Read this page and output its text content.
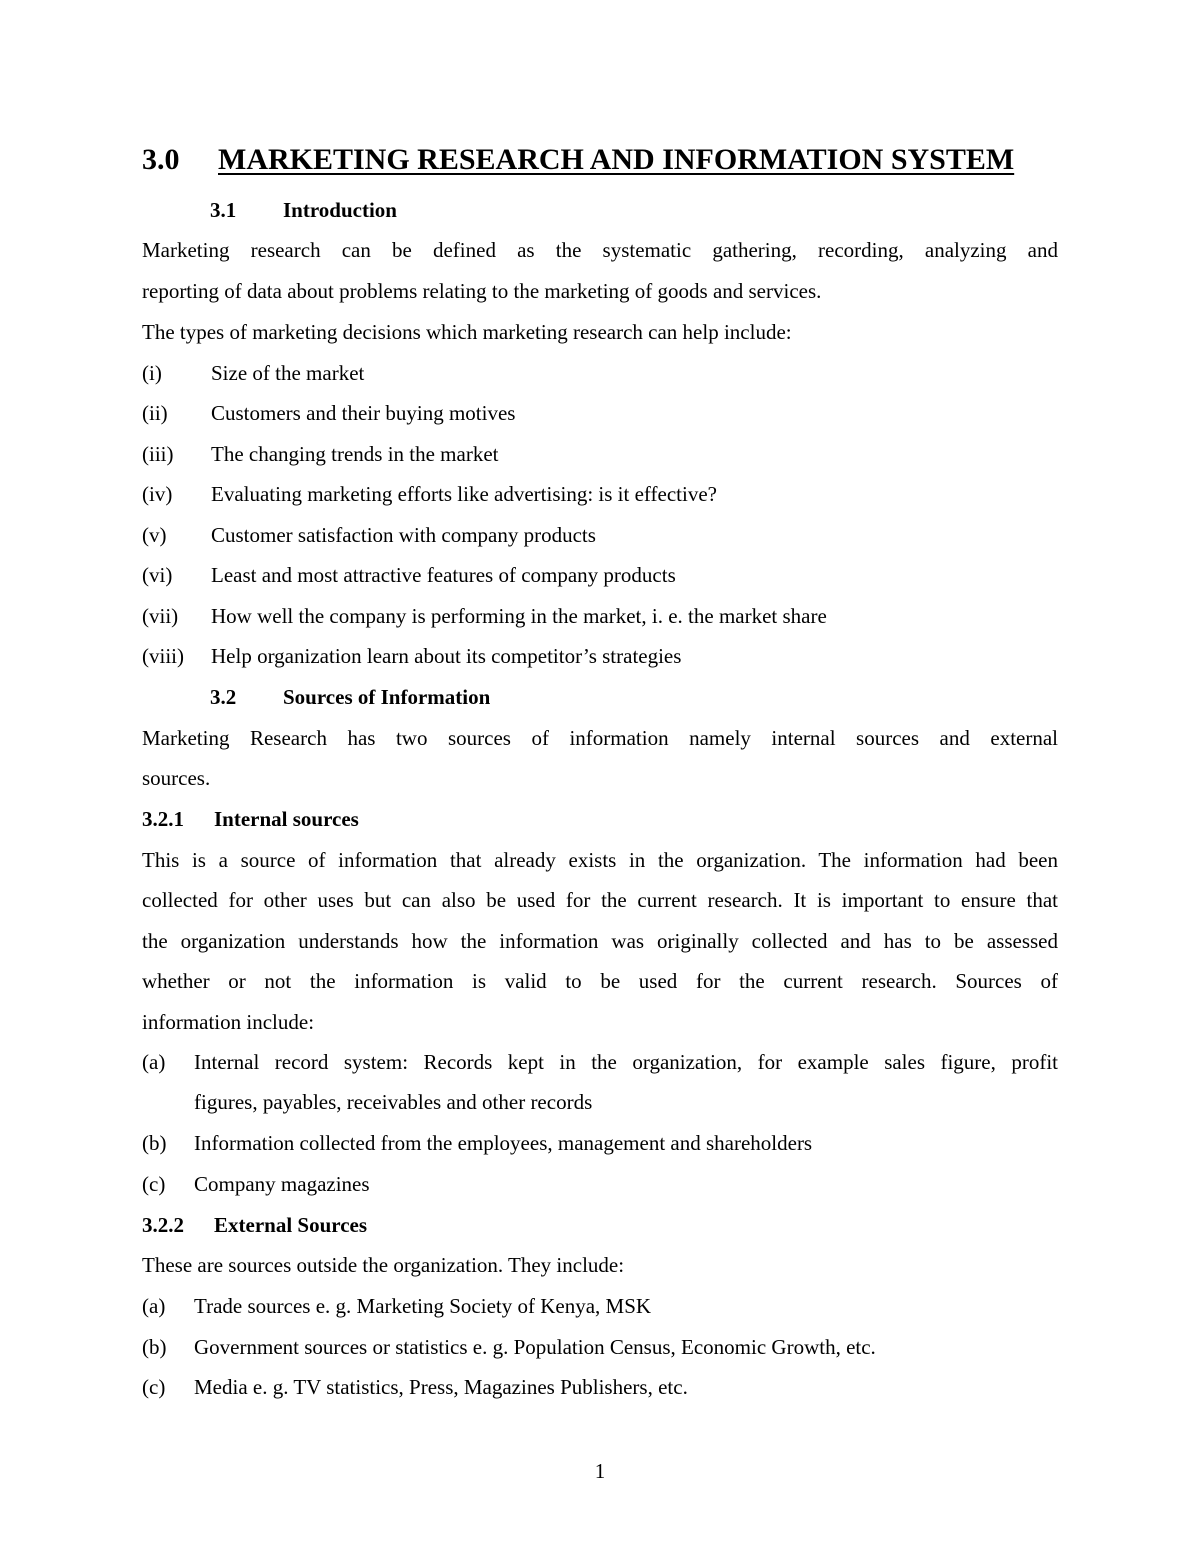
3.0 MARKETING RESEARCH AND INFORMATION SYSTEM
3.1 Introduction
Marketing research can be defined as the systematic gathering, recording, analyzing and
reporting of data about problems relating to the marketing of goods and services.
The types of marketing decisions which marketing research can help include:
(i) Size of the market
(ii) Customers and their buying motives
(iii) The changing trends in the market
(iv) Evaluating marketing efforts like advertising: is it effective?
(v) Customer satisfaction with company products
(vi) Least and most attractive features of company products
(vii) How well the company is performing in the market, i. e. the market share
(viii) Help organization learn about its competitor’s strategies
3.2 Sources of Information
Marketing Research has two sources of information namely internal sources and external
sources.
3.2.1 Internal sources
This is a source of information that already exists in the organization. The information had been
collected for other uses but can also be used for the current research. It is important to ensure that
the organization understands how the information was originally collected and has to be assessed
whether or not the information is valid to be used for the current research. Sources of
information include:
(a) Internal record system: Records kept in the organization, for example sales figure, profit
figures, payables, receivables and other records
(b) Information collected from the employees, management and shareholders
(c) Company magazines
3.2.2 External Sources
These are sources outside the organization. They include:
(a) Trade sources e. g. Marketing Society of Kenya, MSK
(b) Government sources or statistics e. g. Population Census, Economic Growth, etc.
(c) Media e. g. TV statistics, Press, Magazines Publishers, etc.
1
